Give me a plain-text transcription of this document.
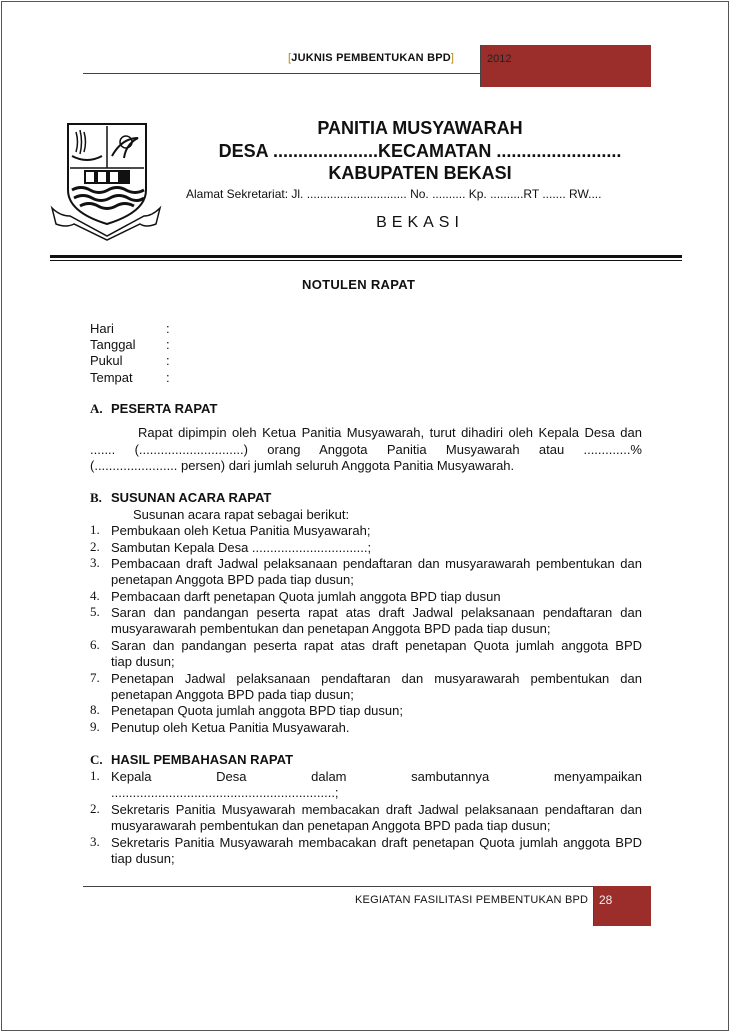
[JUKNIS PEMBENTUKAN BPD]	2012
PANITIA MUSYAWARAH
DESA .....................KECAMATAN .........................
KABUPATEN BEKASI
Alamat Sekretariat: Jl. .............................. No. .......... Kp. ..........RT ....... RW....
BEKASI
NOTULEN RAPAT
Hari	:
Tanggal :
Pukul	:
Tempat	:
A. PESERTA RAPAT
Rapat dipimpin oleh Ketua Panitia Musyawarah, turut dihadiri oleh Kepala Desa dan
....... (.............................) orang Anggota Panitia Musyawarah atau .............%
(....................... persen) dari jumlah seluruh Anggota Panitia Musyawarah.
B. SUSUNAN ACARA RAPAT
Susunan acara rapat sebagai berikut:
1. Pembukaan oleh Ketua Panitia Musyawarah;
2. Sambutan Kepala Desa ................................;
3. Pembacaan draft Jadwal pelaksanaan pendaftaran dan musyarawarah pembentukan dan
penetapan Anggota BPD pada tiap dusun;
4. Pembacaan darft penetapan Quota jumlah anggota BPD tiap dusun
5. Saran dan pandangan peserta rapat atas draft Jadwal pelaksanaan pendaftaran dan
musyarawarah pembentukan dan penetapan Anggota BPD pada tiap dusun;
6. Saran dan pandangan peserta rapat atas draft penetapan Quota jumlah anggota BPD
tiap dusun;
7. Penetapan Jadwal pelaksanaan pendaftaran dan musyarawarah pembentukan dan
penetapan Anggota BPD pada tiap dusun;
8. Penetapan Quota jumlah anggota BPD tiap dusun;
9. Penutup oleh Ketua Panitia Musyawarah.
C. HASIL PEMBAHASAN RAPAT
1. Kepala Desa dalam sambutannya menyampaikan
..............................................................;
2. Sekretaris Panitia Musyawarah membacakan draft Jadwal pelaksanaan pendaftaran dan
musyarawarah pembentukan dan penetapan Anggota BPD pada tiap dusun;
3. Sekretaris Panitia Musyawarah membacakan draft penetapan Quota jumlah anggota BPD
tiap dusun;
KEGIATAN FASILITASI PEMBENTUKAN BPD 28
